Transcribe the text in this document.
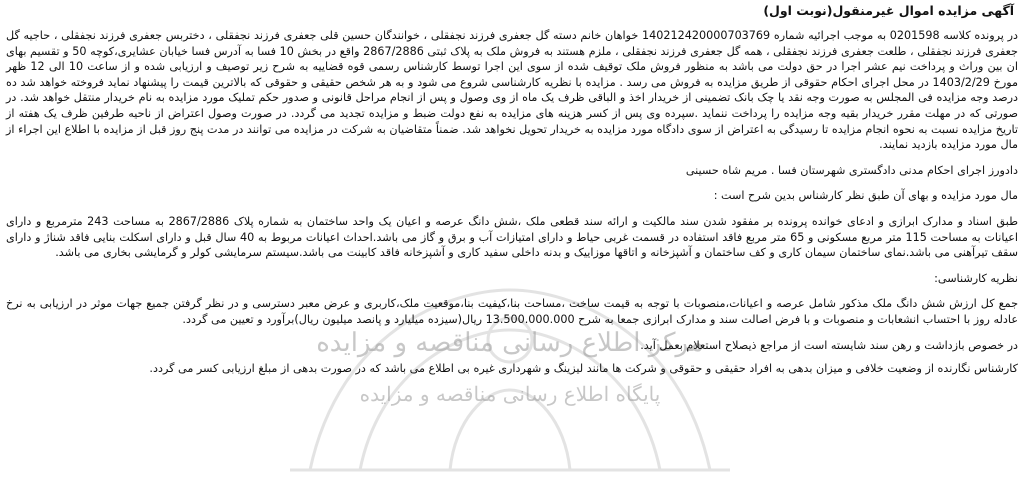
مرکز اطلاع رسانی مناقصه و مزایده
پایگاه اطلاع رسانی مناقصه و مزایده
آگهی مزایده اموال غیرمنقول(نوبت اول)

در پرونده کلاسه 0201598 به موجب اجرائیه شماره 140212420000703769 خواهان خانم دسته گل جعفری فرزند نجفقلی ، خوانندگان حسین قلی جعفری فرزند نجفقلی ، دختربس جعفری فرزند نجفقلی ، حاجیه گل جعفری فرزند نجفقلی ، طلعت جعفری فرزند نجفقلی ، همه گل جعفری فرزند نجفقلی ، ملزم هستند به فروش ملک به پلاک ثبتی 2867/2886 واقع در بخش 10 فسا به آدرس فسا خیابان عشایری،کوچه 50 و تقسیم بهای ان بین وراث و پرداخت نیم عشر اجرا در حق دولت می باشد به منظور فروش ملک توقیف شده از سوی این اجرا توسط کارشناس رسمی قوه قضاییه به شرح زیر توصیف و ارزیابی شده و از ساعت 10 الی 12 ظهر مورخ 1403/2/29 در محل اجرای احکام حقوقی از طریق مزایده به فروش می رسد . مزایده با نظریه کارشناسی شروع می شود و به هر شخص حقیقی و حقوقی که بالاترین قیمت را پیشنهاد نماید فروخته خواهد شد ده درصد وجه مزایده فی المجلس به صورت وجه نقد یا چک بانک تضمینی از خریدار اخذ و الباقی ظرف یک ماه از وی وصول و پس از انجام مراحل قانونی و صدور حکم تملیک مورد مزایده به نام خریدار منتقل خواهد شد. در صورتی که در مهلت مقرر خریدار بقیه وجه مزایده را پرداخت ننماید .سپرده وی پس از کسر هزینه های مزایده به نفع دولت ضبط و مزایده تجدید می گردد. در صورت وصول اعتراض از ناحیه طرفین ظرف یک هفته از تاریخ مزایده نسبت به نحوه انجام مزایده تا رسیدگی به اعتراض از سوی دادگاه مورد مزایده به خریدار تحویل نخواهد شد. ضمناً متقاضیان به شرکت در مزایده می توانند در مدت پنج روز قبل از مزایده با اطلاع این اجراء از مال مورد مزایده بازدید نمایند.

دادورز اجرای احکام مدنی دادگستری شهرستان فسا . مریم شاه حسینی

مال مورد مزایده و بهای آن طبق نظر کارشناس بدین شرح است :

طبق اسناد و مدارک ابرازی و ادعای خوانده پرونده بر مفقود شدن سند مالکیت و ارائه سند قطعی ملک ،شش دانگ عرصه و اعیان یک واحد ساختمان به شماره پلاک 2867/2886 به مساحت 243 مترمربع و دارای اعیانات به مساحت 115 متر مربع مسکونی و 65 متر مربع فاقد استفاده در قسمت غربی حیاط و دارای امتیازات آب و برق و گاز می باشد.احداث اعیانات مربوط به 40 سال قبل و دارای اسکلت بنایی فاقد شناژ و دارای سقف تیرآهنی می باشد.نمای ساختمان سیمان کاری و کف ساختمان و آشپزخانه و اتاقها موزاییک و بدنه داخلی سفید کاری و آشپزخانه فاقد کابینت می باشد.سیستم سرمایشی کولر و گرمایشی بخاری می باشد.

نظریه کارشناسی:

جمع کل ارزش شش دانگ ملک مذکور شامل عرصه و اعیانات،منصوبات با توجه به قیمت ساخت ،مساحت بنا،کیفیت بنا،موقعیت ملک،کاربری و عرض معبر دسترسی و در نظر گرفتن جمیع جهات موثر در ارزیابی به نرخ عادله روز با احتساب انشعابات و منصوبات و با فرض اصالت سند و مدارک ابرازی جمعا به شرح 13.500.000.000 ریال(سیزده میلیارد و پانصد میلیون ریال)برآورد و تعیین می گردد.

در خصوص بازداشت و رهن سند شایسته است از مراجع ذیصلاح استعلام بعمل آید.

کارشناس نگارنده از وضعیت خلافی و میزان بدهی به افراد حقیقی و حقوقی و شرکت ها مانند لیزینگ و شهرداری غیره بی اطلاع می باشد که در صورت بدهی از مبلغ ارزیابی کسر می گردد.
